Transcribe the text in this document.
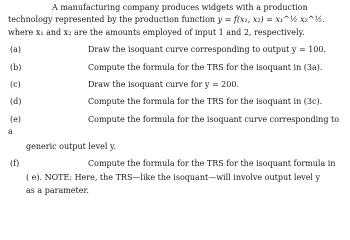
A manufacturing company produces widgets with a production
technology represented by the production function y = f(x₁, x₂) = x₁^½ x₂^½.
where x₁ and x₂ are the amounts employed of input 1 and 2, respectively.

(a)	Draw the isoquant curve corresponding to output y = 100.
(b)	Compute the formula for the TRS for the isoquant in (3a).
(c)	Draw the isoquant curve for y = 200.
(d)	Compute the formula for the TRS for the isoquant in (3c).
(e)	Compute the formula for the isoquant curve corresponding to a
generic output level y.
(f)	Compute the formula for the TRS for the isoquant formula in
( e). NOTE: Here, the TRS—like the isoquant—will involve output level y
as a parameter.
